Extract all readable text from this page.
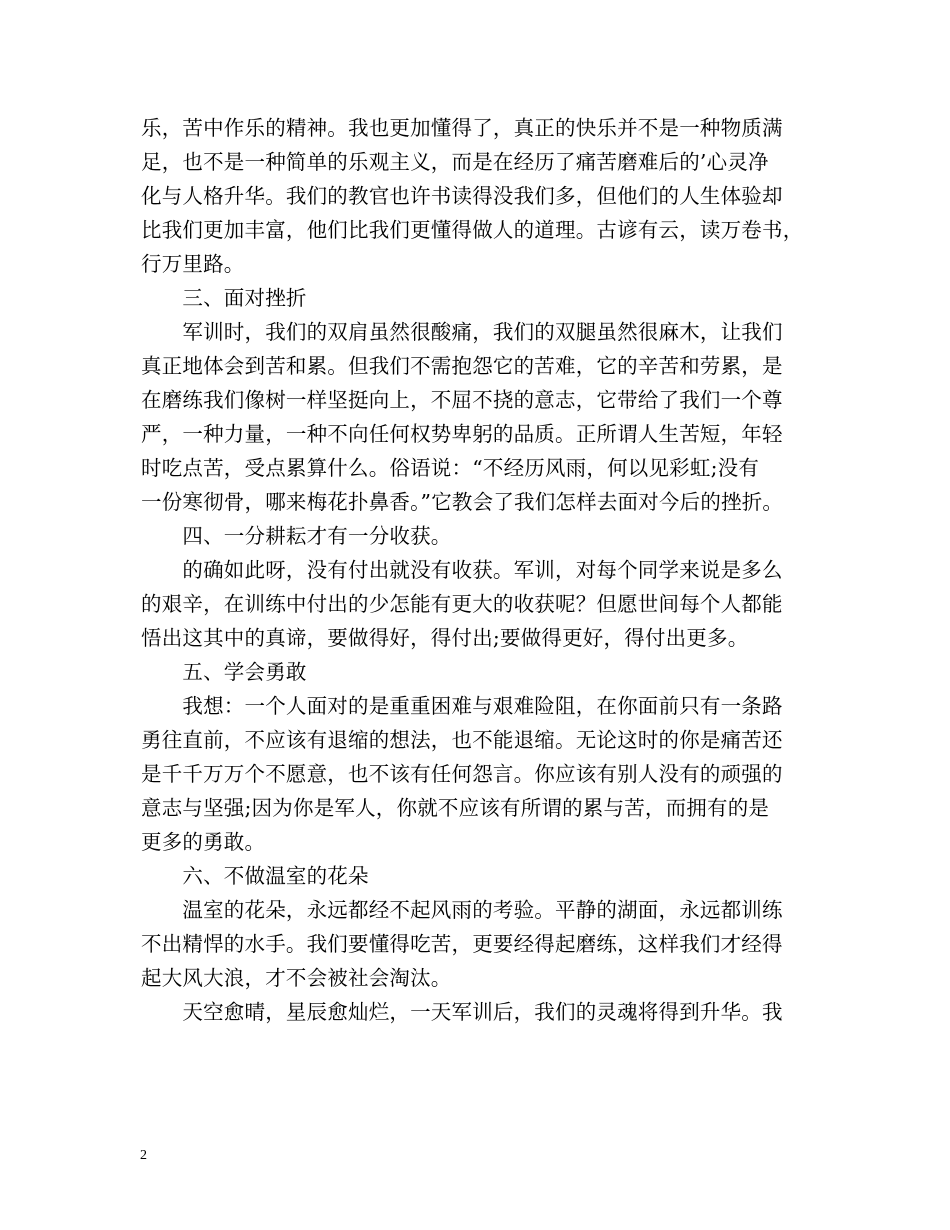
乐，苦中作乐的精神。我也更加懂得了，真正的快乐并不是一种物质满
足，也不是一种简单的乐观主义，而是在经历了痛苦磨难后的’心灵净
化与人格升华。我们的教官也许书读得没我们多，但他们的人生体验却
比我们更加丰富，他们比我们更懂得做人的道理。古谚有云，读万卷书，
行万里路。
　　三、面对挫折
　　军训时，我们的双肩虽然很酸痛，我们的双腿虽然很麻木，让我们
真正地体会到苦和累。但我们不需抱怨它的苦难，它的辛苦和劳累，是
在磨练我们像树一样坚挺向上，不屈不挠的意志，它带给了我们一个尊
严，一种力量，一种不向任何权势卑躬的品质。正所谓人生苦短，年轻
时吃点苦，受点累算什么。俗语说：“不经历风雨，何以见彩虹;没有
一份寒彻骨，哪来梅花扑鼻香。”它教会了我们怎样去面对今后的挫折。
　　四、一分耕耘才有一分收获。
　　的确如此呀，没有付出就没有收获。军训，对每个同学来说是多么
的艰辛，在训练中付出的少怎能有更大的收获呢？但愿世间每个人都能
悟出这其中的真谛，要做得好，得付出;要做得更好，得付出更多。
　　五、学会勇敢
　　我想：一个人面对的是重重困难与艰难险阻，在你面前只有一条路
勇往直前，不应该有退缩的想法，也不能退缩。无论这时的你是痛苦还
是千千万万个不愿意，也不该有任何怨言。你应该有别人没有的顽强的
意志与坚强;因为你是军人，你就不应该有所谓的累与苦，而拥有的是
更多的勇敢。
　　六、不做温室的花朵
　　温室的花朵，永远都经不起风雨的考验。平静的湖面，永远都训练
不出精悍的水手。我们要懂得吃苦，更要经得起磨练，这样我们才经得
起大风大浪，才不会被社会淘汰。
　　天空愈晴，星辰愈灿烂，一天军训后，我们的灵魂将得到升华。我
2
